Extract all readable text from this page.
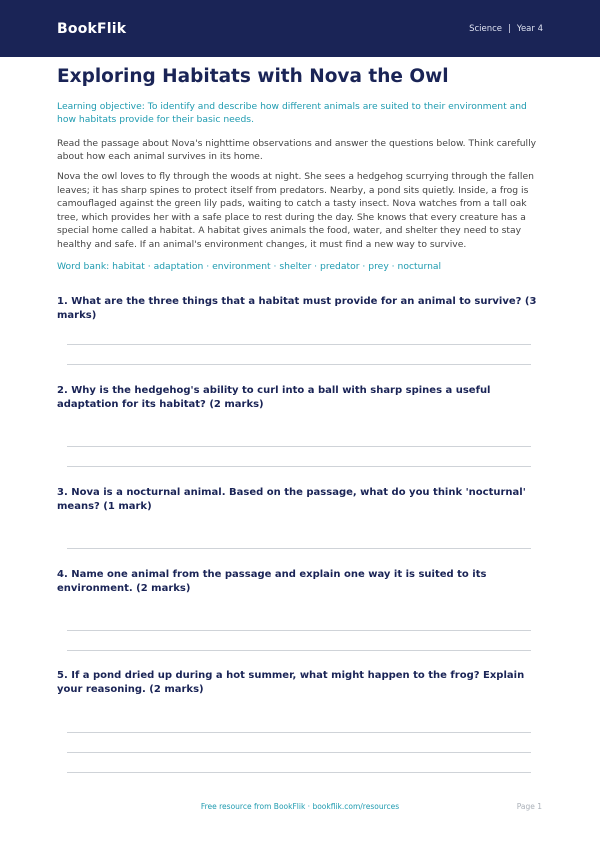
BookFlik	Science | Year 4
Exploring Habitats with Nova the Owl
Learning objective: To identify and describe how different animals are suited to their environment and how habitats provide for their basic needs.
Read the passage about Nova's nighttime observations and answer the questions below. Think carefully about how each animal survives in its home.
Nova the owl loves to fly through the woods at night. She sees a hedgehog scurrying through the fallen leaves; it has sharp spines to protect itself from predators. Nearby, a pond sits quietly. Inside, a frog is camouflaged against the green lily pads, waiting to catch a tasty insect. Nova watches from a tall oak tree, which provides her with a safe place to rest during the day. She knows that every creature has a special home called a habitat. A habitat gives animals the food, water, and shelter they need to stay healthy and safe. If an animal's environment changes, it must find a new way to survive.
Word bank: habitat · adaptation · environment · shelter · predator · prey · nocturnal
1. What are the three things that a habitat must provide for an animal to survive? (3 marks)
2. Why is the hedgehog's ability to curl into a ball with sharp spines a useful adaptation for its habitat? (2 marks)
3. Nova is a nocturnal animal. Based on the passage, what do you think 'nocturnal' means? (1 mark)
4. Name one animal from the passage and explain one way it is suited to its environment. (2 marks)
5. If a pond dried up during a hot summer, what might happen to the frog? Explain your reasoning. (2 marks)
Free resource from BookFlik · bookflik.com/resources	Page 1
